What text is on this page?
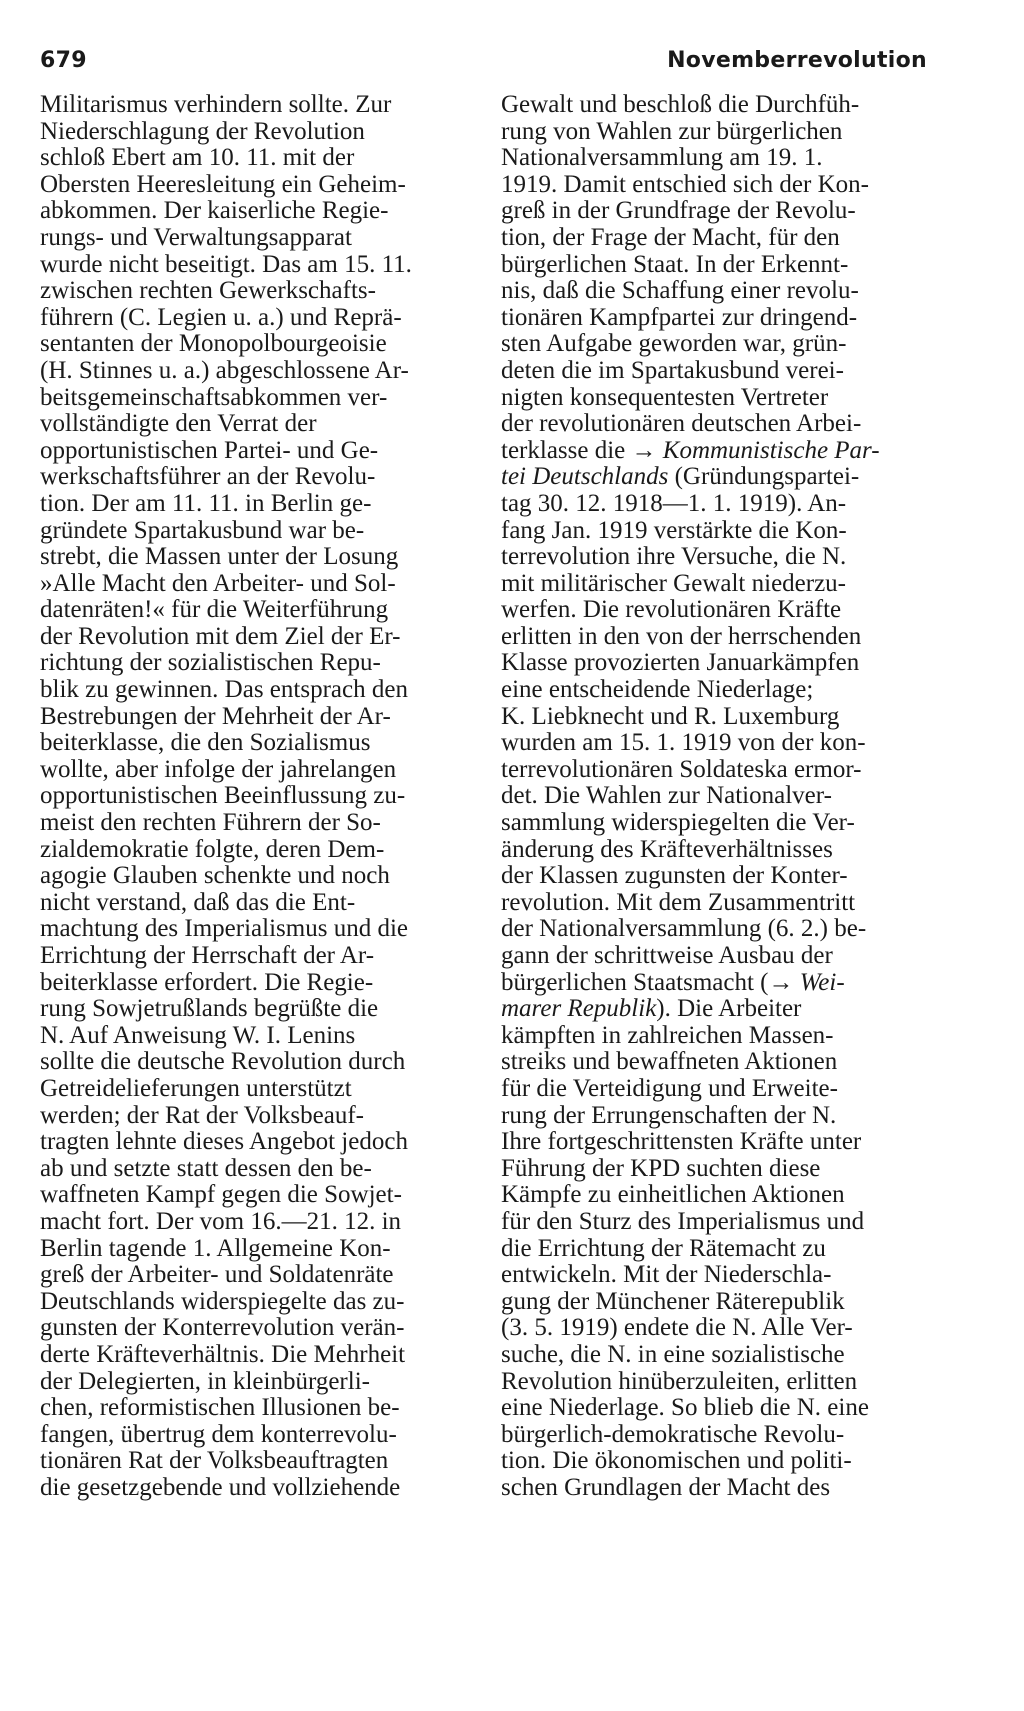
679	Novemberrevolution
Militarismus verhindern sollte. Zur
Niederschlagung der Revolution
schloß Ebert am 10. 11. mit der
Obersten Heeresleitung ein Geheim-
abkommen. Der kaiserliche Regie-
rungs- und Verwaltungsapparat
wurde nicht beseitigt. Das am 15. 11.
zwischen rechten Gewerkschafts-
führern (C. Legien u. a.) und Reprä-
sentanten der Monopolbourgeoisie
(H. Stinnes u. a.) abgeschlossene Ar-
beitsgemeinschaftsabkommen ver-
vollständigte den Verrat der
opportunistischen Partei- und Ge-
werkschaftsführer an der Revolu-
tion. Der am 11. 11. in Berlin ge-
gründete Spartakusbund war be-
strebt, die Massen unter der Losung
»Alle Macht den Arbeiter- und Sol-
datenräten!« für die Weiterführung
der Revolution mit dem Ziel der Er-
richtung der sozialistischen Repu-
blik zu gewinnen. Das entsprach den
Bestrebungen der Mehrheit der Ar-
beiterklasse, die den Sozialismus
wollte, aber infolge der jahrelangen
opportunistischen Beeinflussung zu-
meist den rechten Führern der So-
zialdemokratie folgte, deren Dem-
agogie Glauben schenkte und noch
nicht verstand, daß das die Ent-
machtung des Imperialismus und die
Errichtung der Herrschaft der Ar-
beiterklasse erfordert. Die Regie-
rung Sowjetrußlands begrüßte die
N. Auf Anweisung W. I. Lenins
sollte die deutsche Revolution durch
Getreidelieferungen unterstützt
werden; der Rat der Volksbeauf-
tragten lehnte dieses Angebot jedoch
ab und setzte statt dessen den be-
waffneten Kampf gegen die Sowjet-
macht fort. Der vom 16.—21. 12. in
Berlin tagende 1. Allgemeine Kon-
greß der Arbeiter- und Soldatenräte
Deutschlands widerspiegelte das zu-
gunsten der Konterrevolution verän-
derte Kräfteverhältnis. Die Mehrheit
der Delegierten, in kleinbürgerli-
chen, reformistischen Illusionen be-
fangen, übertrug dem konterrevolu-
tionären Rat der Volksbeauftragten
die gesetzgebende und vollziehende
Gewalt und beschloß die Durchfüh-
rung von Wahlen zur bürgerlichen
Nationalversammlung am 19. 1.
1919. Damit entschied sich der Kon-
greß in der Grundfrage der Revolu-
tion, der Frage der Macht, für den
bürgerlichen Staat. In der Erkennt-
nis, daß die Schaffung einer revolu-
tionären Kampfpartei zur dringend-
sten Aufgabe geworden war, grün-
deten die im Spartakusbund verei-
nigten konsequentesten Vertreter
der revolutionären deutschen Arbei-
terklasse die → Kommunistische Par-
tei Deutschlands (Gründungspartei-
tag 30. 12. 1918—1. 1. 1919). An-
fang Jan. 1919 verstärkte die Kon-
terrevolution ihre Versuche, die N.
mit militärischer Gewalt niederzu-
werfen. Die revolutionären Kräfte
erlitten in den von der herrschenden
Klasse provozierten Januarkämpfen
eine entscheidende Niederlage;
K. Liebknecht und R. Luxemburg
wurden am 15. 1. 1919 von der kon-
terrevolutionären Soldateska ermor-
det. Die Wahlen zur Nationalver-
sammlung widerspiegelten die Ver-
änderung des Kräfteverhältnisses
der Klassen zugunsten der Konter-
revolution. Mit dem Zusammentritt
der Nationalversammlung (6. 2.) be-
gann der schrittweise Ausbau der
bürgerlichen Staatsmacht (→ Wei-
marer Republik). Die Arbeiter
kämpften in zahlreichen Massen-
streiks und bewaffneten Aktionen
für die Verteidigung und Erweite-
rung der Errungenschaften der N.
Ihre fortgeschrittensten Kräfte unter
Führung der KPD suchten diese
Kämpfe zu einheitlichen Aktionen
für den Sturz des Imperialismus und
die Errichtung der Rätemacht zu
entwickeln. Mit der Niederschla-
gung der Münchener Räterepublik
(3. 5. 1919) endete die N. Alle Ver-
suche, die N. in eine sozialistische
Revolution hinüberzuleiten, erlitten
eine Niederlage. So blieb die N. eine
bürgerlich-demokratische Revolu-
tion. Die ökonomischen und politi-
schen Grundlagen der Macht des
